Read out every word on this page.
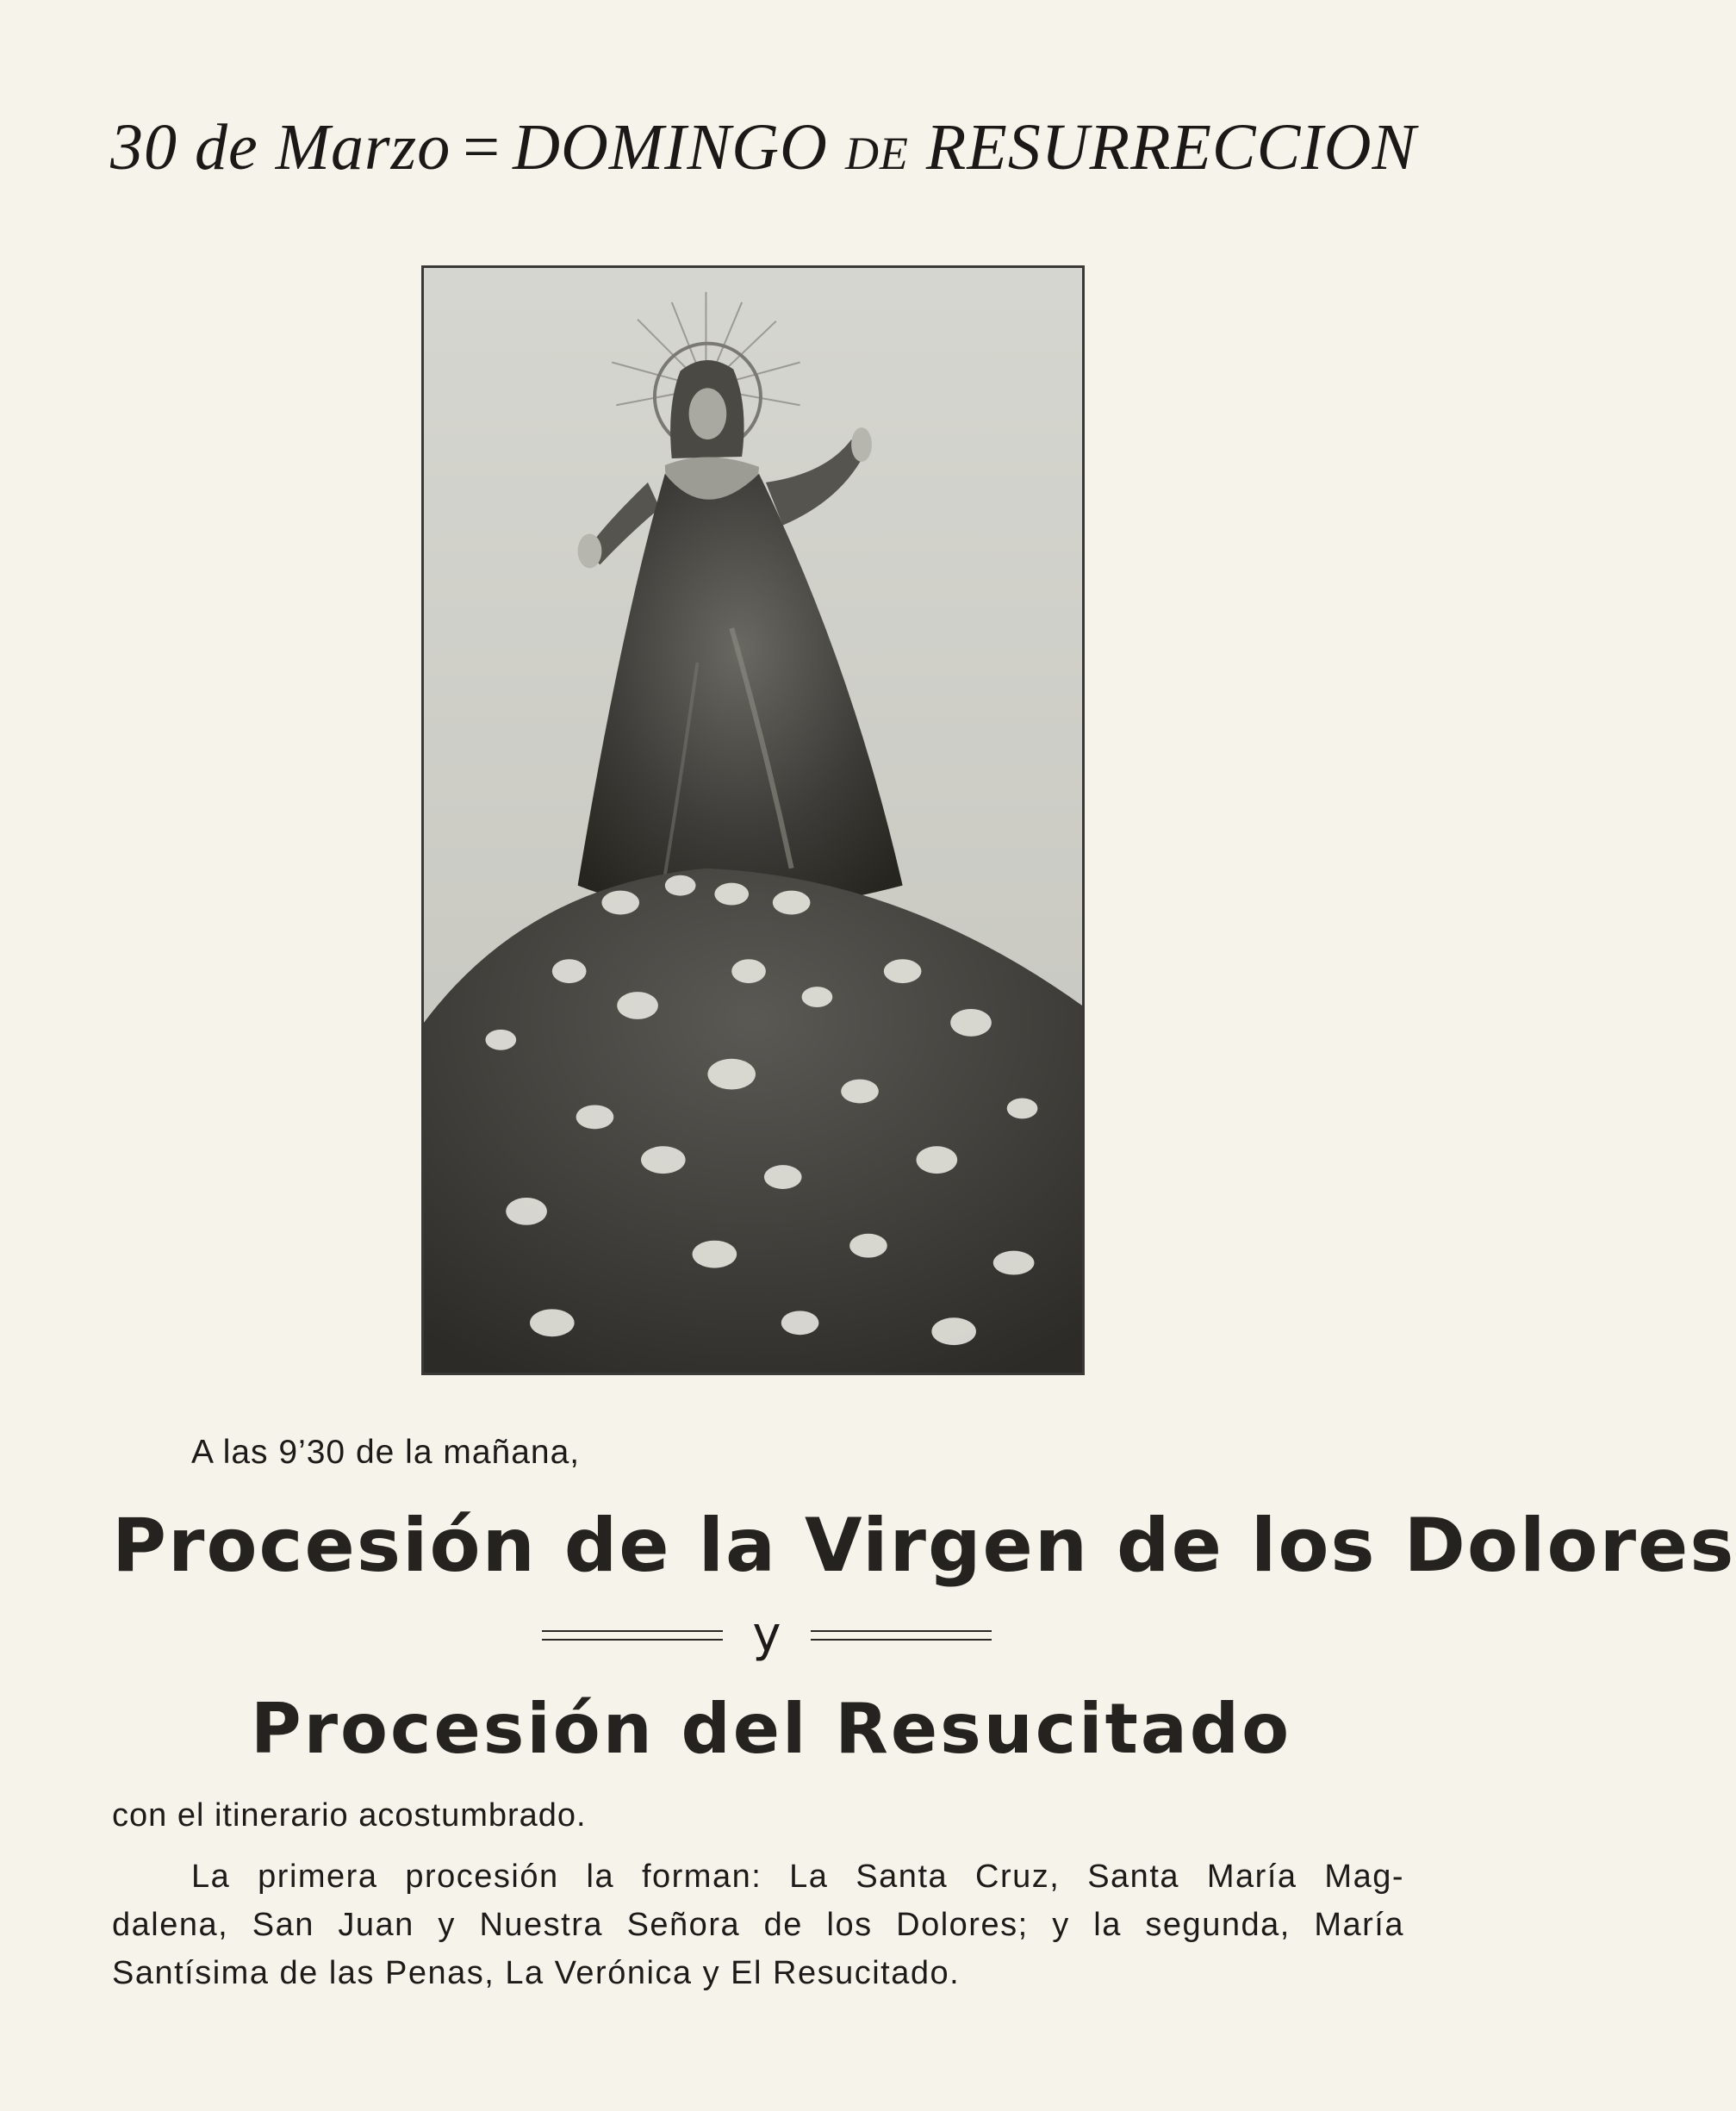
30 de Marzo = DOMINGO DE RESURRECCION
A las 9’30 de la mañana,
Procesión de la Virgen de los Dolores
y
Procesión del Resucitado
con el itinerario acostumbrado.
La primera procesión la forman: La Santa Cruz, Santa María Mag-
dalena, San Juan y Nuestra Señora de los Dolores; y la segunda, María
Santísima de las Penas, La Verónica y El Resucitado.
